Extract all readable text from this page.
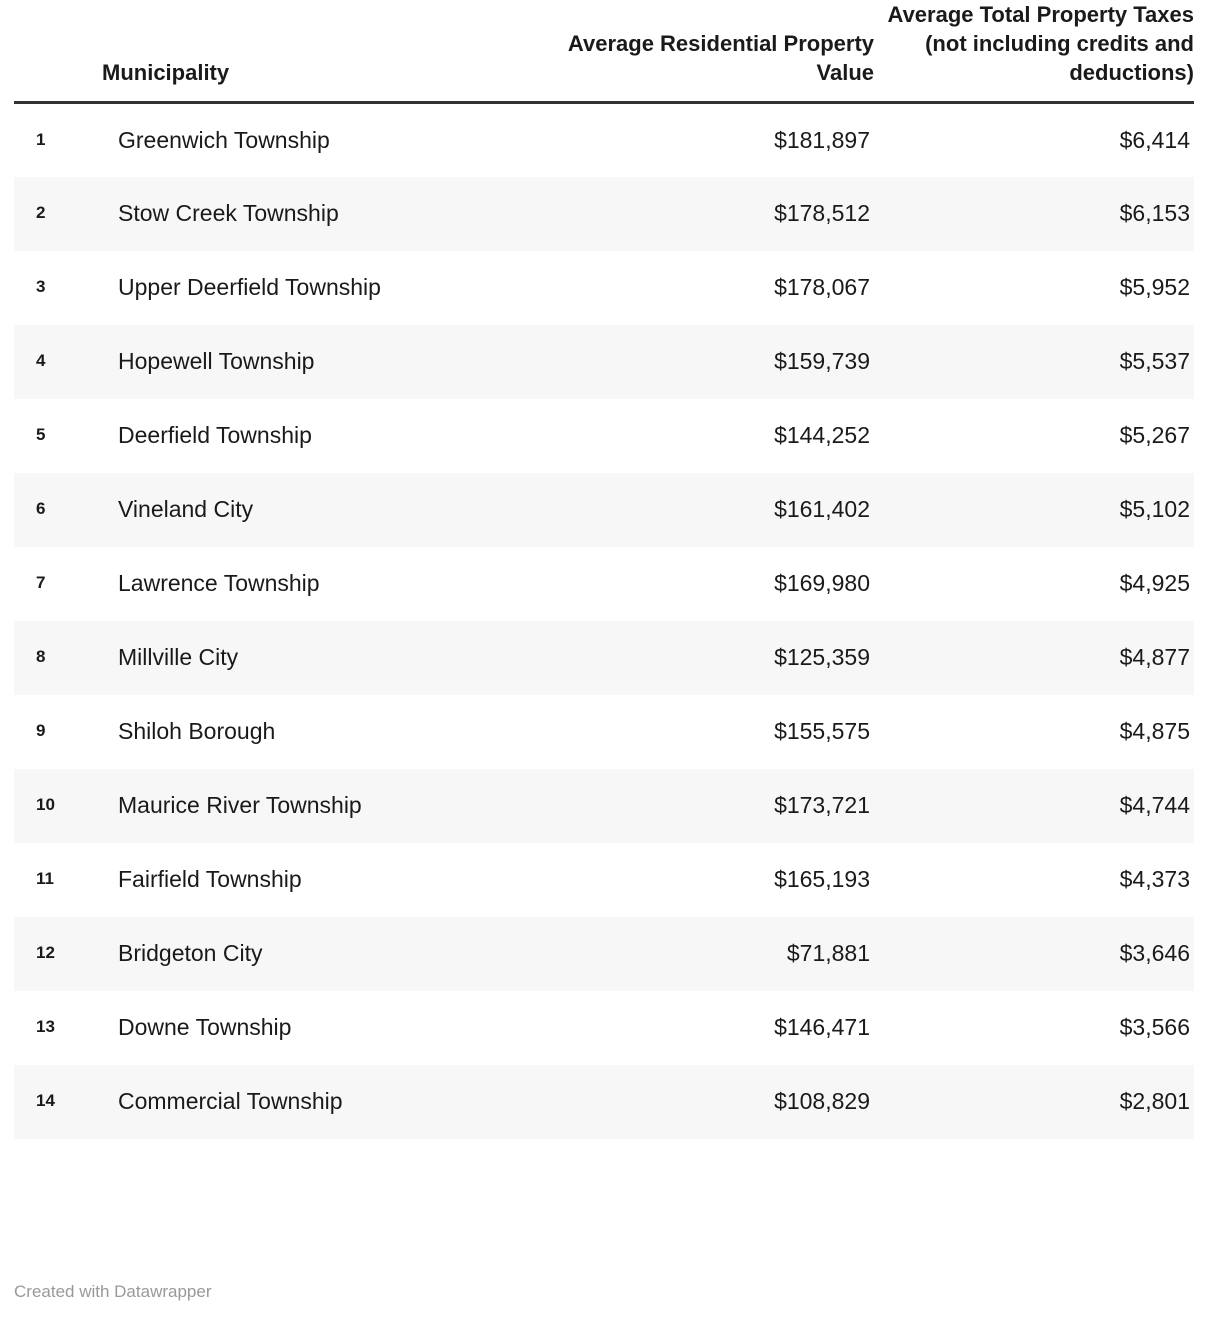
	Municipality	Average Residential Property Value	Average Total Property Taxes (not including credits and deductions)
1	Greenwich Township	$181,897	$6,414
2	Stow Creek Township	$178,512	$6,153
3	Upper Deerfield Township	$178,067	$5,952
4	Hopewell Township	$159,739	$5,537
5	Deerfield Township	$144,252	$5,267
6	Vineland City	$161,402	$5,102
7	Lawrence Township	$169,980	$4,925
8	Millville City	$125,359	$4,877
9	Shiloh Borough	$155,575	$4,875
10	Maurice River Township	$173,721	$4,744
11	Fairfield Township	$165,193	$4,373
12	Bridgeton City	$71,881	$3,646
13	Downe Township	$146,471	$3,566
14	Commercial Township	$108,829	$2,801
Created with Datawrapper
